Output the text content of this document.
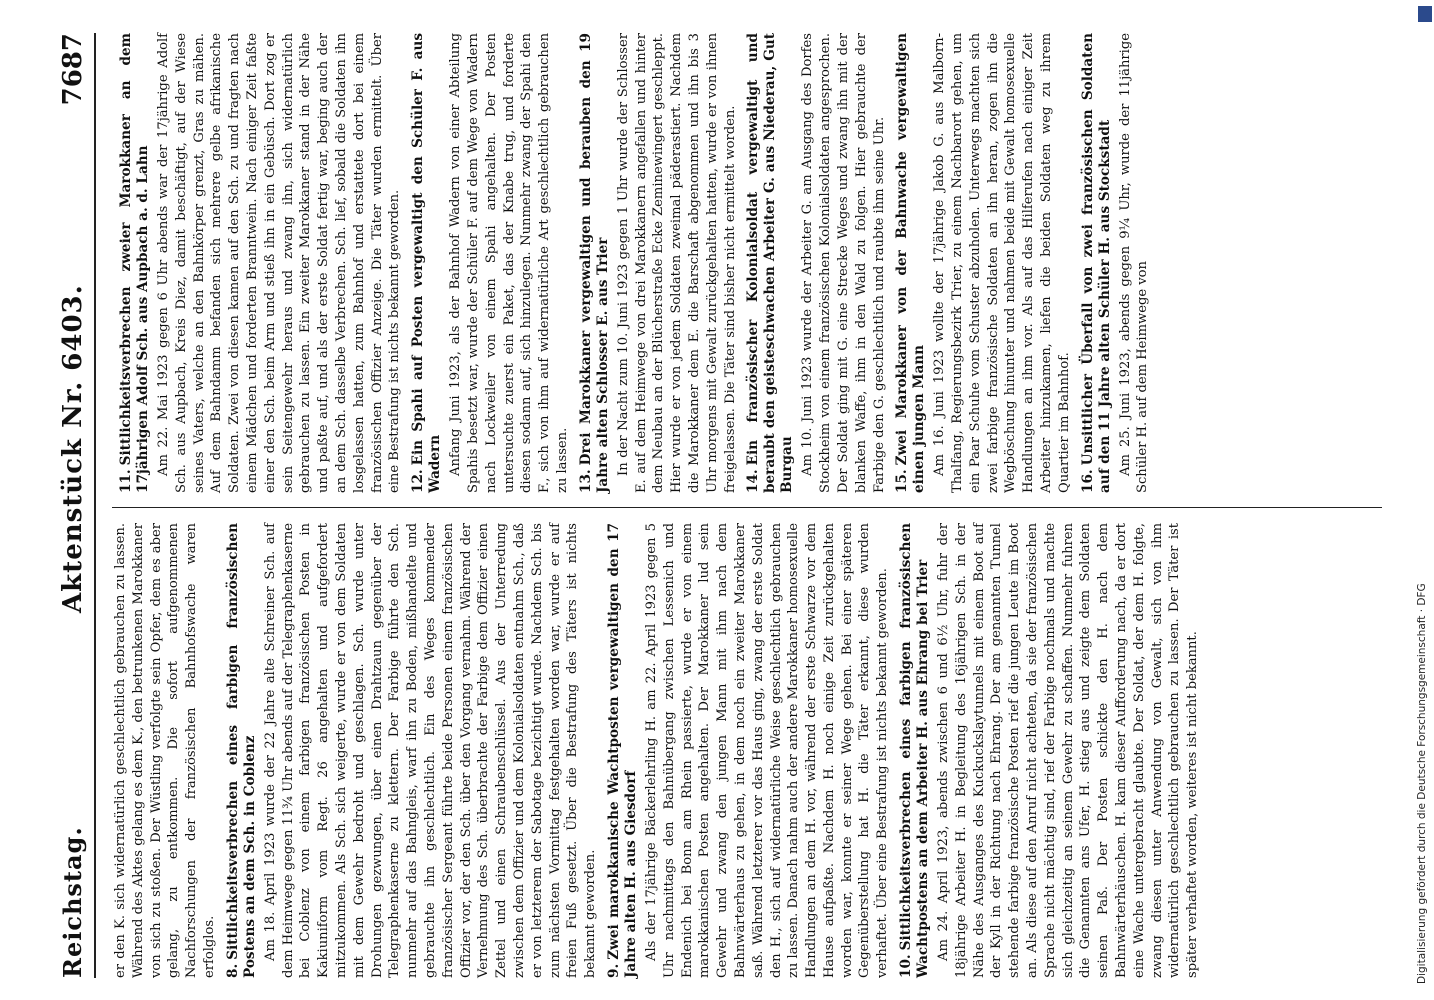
Reichstag.
Aktenstück Nr. 6403.
7687

er den K. sich widernatürlich geschlechtlich gebrauchen zu lassen. Während des Aktes gelang es dem K., den betrunkenen Marokkaner von sich zu stoßen. Der Wüstling verfolgte sein Opfer, dem es aber gelang, zu entkommen. Die sofort aufgenommenen Nachforschungen der französischen Bahnhofswache waren erfolglos. 8.Sittlichkeitsverbrechen eines farbigen französischen Postens an dem Sch. in Coblenz Am 18. April 1923 wurde der 22 Jahre alte Schreiner Sch. auf dem Heimwege gegen 11¾ Uhr abends auf der Telegraphenkaserne bei Coblenz von einem farbigen französischen Posten in Kakiuniform vom Regt. 26 angehalten und aufgefordert mitzukommen. Als Sch. sich weigerte, wurde er von dem Soldaten mit dem Gewehr bedroht und geschlagen. Sch. wurde unter Drohungen gezwungen, über einen Drahtzaun gegenüber der Telegraphenkaserne zu klettern. Der Farbige führte den Sch. nunmehr auf das Bahngleis, warf ihn zu Boden, mißhandelte und gebrauchte ihn geschlechtlich. Ein des Weges kommender französischer Sergeant führte beide Personen einem französischen Offizier vor, der den Sch. über den Vorgang vernahm. Während der Vernehmung des Sch. überbrachte der Farbige dem Offizier einen Zettel und einen Schraubenschlüssel. Aus der Unterredung zwischen dem Offizier und dem Kolonialsoldaten entnahm Sch., daß er von letzterem der Sabotage bezichtigt wurde. Nachdem Sch. bis zum nächsten Vormittag festgehalten worden war, wurde er auf freien Fuß gesetzt. Über die Bestrafung des Täters ist nichts bekannt geworden. 9.Zwei marokkanische Wachtposten vergewaltigen den 17 Jahre alten H. aus Giesdorf Als der 17jährige Bäckerlehrling H. am 22. April 1923 gegen 5 Uhr nachmittags den Bahnübergang zwischen Lessenich und Endenich bei Bonn am Rhein passierte, wurde er von einem marokkanischen Posten angehalten. Der Marokkaner lud sein Gewehr und zwang den jungen Mann mit ihm nach dem Bahnwärterhaus zu gehen, in dem noch ein zweiter Marokkaner saß. Während letzterer vor das Haus ging, zwang der erste Soldat den H., sich auf widernatürliche Weise geschlechtlich gebrauchen zu lassen. Danach nahm auch der andere Marokkaner homosexuelle Handlungen an dem H. vor, während der erste Schwarze vor dem Hause aufpaßte. Nachdem H. noch einige Zeit zurückgehalten worden war, konnte er seiner Wege gehen. Bei einer späteren Gegenüberstellung hat H. die Täter erkannt, diese wurden verhaftet. Über eine Bestrafung ist nichts bekannt geworden. 10.Sittlichkeitsverbrechen eines farbigen französischen Wachtpostens an dem Arbeiter H. aus Ehrang bei Trier Am 24. April 1923, abends zwischen 6 und 6½ Uhr, fuhr der 18jährige Arbeiter H. in Begleitung des 16jährigen Sch. in der Nähe des Ausganges des Kuckuckslaytunnels mit einem Boot auf der Kyll in der Richtung nach Ehrang. Der am genannten Tunnel stehende farbige französische Posten rief die jungen Leute im Boot an. Als diese auf den Anruf nicht achteten, da sie der französischen Sprache nicht mächtig sind, rief der Farbige nochmals und machte sich gleichzeitig an seinem Gewehr zu schaffen. Nunmehr fuhren die Genannten ans Ufer, H. stieg aus und zeigte dem Soldaten seinen Paß. Der Posten schickte den H. nach dem Bahnwärterhäuschen. H. kam dieser Aufforderung nach, da er dort eine Wache untergebracht glaubte. Der Soldat, der dem H. folgte, zwang diesen unter Anwendung von Gewalt, sich von ihm widernatürlich geschlechtlich gebrauchen zu lassen. Der Täter ist später verhaftet worden, weiteres ist nicht bekannt.

11.Sittlichkeitsverbrechen zweier Marokkaner an dem 17jährigen Adolf Sch. aus Aupbach a. d. Lahn Am 22. Mai 1923 gegen 6 Uhr abends war der 17jährige Adolf Sch. aus Aupbach, Kreis Diez, damit beschäftigt, auf der Wiese seines Vaters, welche an den Bahnkörper grenzt, Gras zu mähen. Auf dem Bahndamm befanden sich mehrere gelbe afrikanische Soldaten. Zwei von diesen kamen auf den Sch. zu und fragten nach einem Mädchen und forderten Branntwein. Nach einiger Zeit faßte einer den Sch. beim Arm und stieß ihn in ein Gebüsch. Dort zog er sein Seitengewehr heraus und zwang ihn, sich widernatürlich gebrauchen zu lassen. Ein zweiter Marokkaner stand in der Nähe und paßte auf, und als der erste Soldat fertig war, beging auch der an dem Sch. dasselbe Verbrechen. Sch. lief, sobald die Soldaten ihn losgelassen hatten, zum Bahnhof und erstattete dort bei einem französischen Offizier Anzeige. Die Täter wurden ermittelt. Über eine Bestrafung ist nichts bekannt geworden. 12.Ein Spahi auf Posten vergewaltigt den Schüler F. aus Wadern Anfang Juni 1923, als der Bahnhof Wadern von einer Abteilung Spahis besetzt war, wurde der Schüler F. auf dem Wege von Wadern nach Lockweiler von einem Spahi angehalten. Der Posten untersuchte zuerst ein Paket, das der Knabe trug, und forderte diesen sodann auf, sich hinzulegen. Nunmehr zwang der Spahi den F., sich von ihm auf widernatürliche Art geschlechtlich gebrauchen zu lassen. 13.Drei Marokkaner vergewaltigen und berauben den 19 Jahre alten Schlosser E. aus Trier In der Nacht zum 10. Juni 1923 gegen 1 Uhr wurde der Schlosser E. auf dem Heimwege von drei Marokkanern angefallen und hinter dem Neubau an der Blücherstraße Ecke Zeminewingert geschleppt. Hier wurde er von jedem Soldaten zweimal päderastiert. Nachdem die Marokkaner dem E. die Barschaft abgenommen und ihn bis 3 Uhr morgens mit Gewalt zurückgehalten hatten, wurde er von ihnen freigelassen. Die Täter sind bisher nicht ermittelt worden. 14.Ein französischer Kolonialsoldat vergewaltigt und beraubt den geisteschwachen Arbeiter G. aus Niederau, Gut Burgau Am 10. Juni 1923 wurde der Arbeiter G. am Ausgang des Dorfes Stockheim von einem französischen Kolonialsoldaten angesprochen. Der Soldat ging mit G. eine Strecke Weges und zwang ihn mit der blanken Waffe, ihm in den Wald zu folgen. Hier gebrauchte der Farbige den G. geschlechtlich und raubte ihm seine Uhr. 15.Zwei Marokkaner von der Bahnwache vergewaltigen einen jungen Mann Am 16. Juni 1923 wollte der 17jährige Jakob G. aus Malborn-Thalfang, Regierungsbezirk Trier, zu einem Nachbarort gehen, um ein Paar Schuhe vom Schuster abzuholen. Unterwegs machten sich zwei farbige französische Soldaten an ihn heran, zogen ihn die Wegböschung hinunter und nahmen beide mit Gewalt homosexuelle Handlungen an ihm vor. Als auf das Hilferufen nach einiger Zeit Arbeiter hinzukamen, liefen die beiden Soldaten weg zu ihrem Quartier im Bahnhof. 16.Unsittlicher Überfall von zwei französischen Soldaten auf den 11 Jahre alten Schüler H. aus Stockstadt Am 25. Juni 1923, abends gegen 9¼ Uhr, wurde der 11jährige Schüler H. auf dem Heimwege von

Digitalisierung gefördert durch die Deutsche Forschungsgemeinschaft · DFG
